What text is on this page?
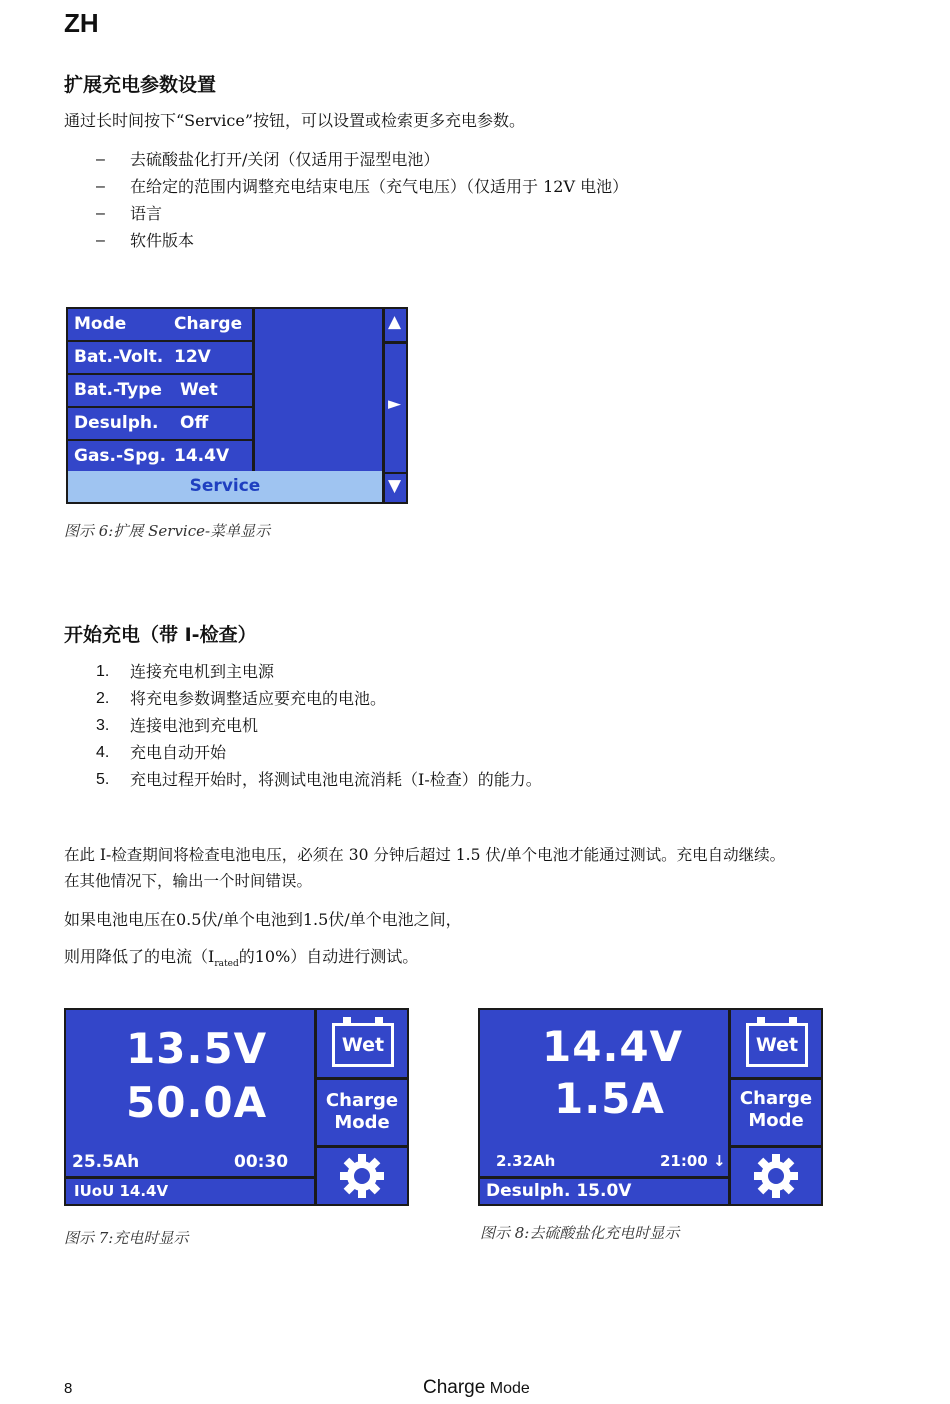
ZH
扩展充电参数设置
通过长时间按下“Service”按钮，可以设置或检索更多充电参数。
– 去硫酸盐化打开/关闭（仅适用于湿型电池）
– 在给定的范围内调整充电结束电压（充气电压）（仅适用于 12V 电池）
– 语言
– 软件版本
Mode	Charge
Bat.-Volt. 12V
Bat.-Type Wet
Desulph. Off
Gas.-Spg. 14.4V
▲
►
Service	▼
图示 6:扩展 Service-菜单显示
开始充电（带 I-检查）
1. 连接充电机到主电源
2. 将充电参数调整适应要充电的电池。
3. 连接电池到充电机
4. 充电自动开始
5. 充电过程开始时，将测试电池电流消耗（I-检查）的能力。
在此 I-检查期间将检查电池电压，必须在 30 分钟后超过 1.5 伏/单个电池才能通过测试。充电自动继续。
在其他情况下，输出一个时间错误。
如果电池电压在0.5伏/单个电池到1.5伏/单个电池之间，
则用降低了的电流（$I_{rated}$的10%）自动进行测试。
13.5V
50.0A
25.5Ah	00:30
IUoU 14.4V
Wet
Charge
Mode
图示 7:充电时显示
14.4V
1.5A
2.32Ah	21:00 ↓
Desulph. 15.0V
Wet
Charge
Mode
图示 8:去硫酸盐化充电时显示
8	Charge Mode
